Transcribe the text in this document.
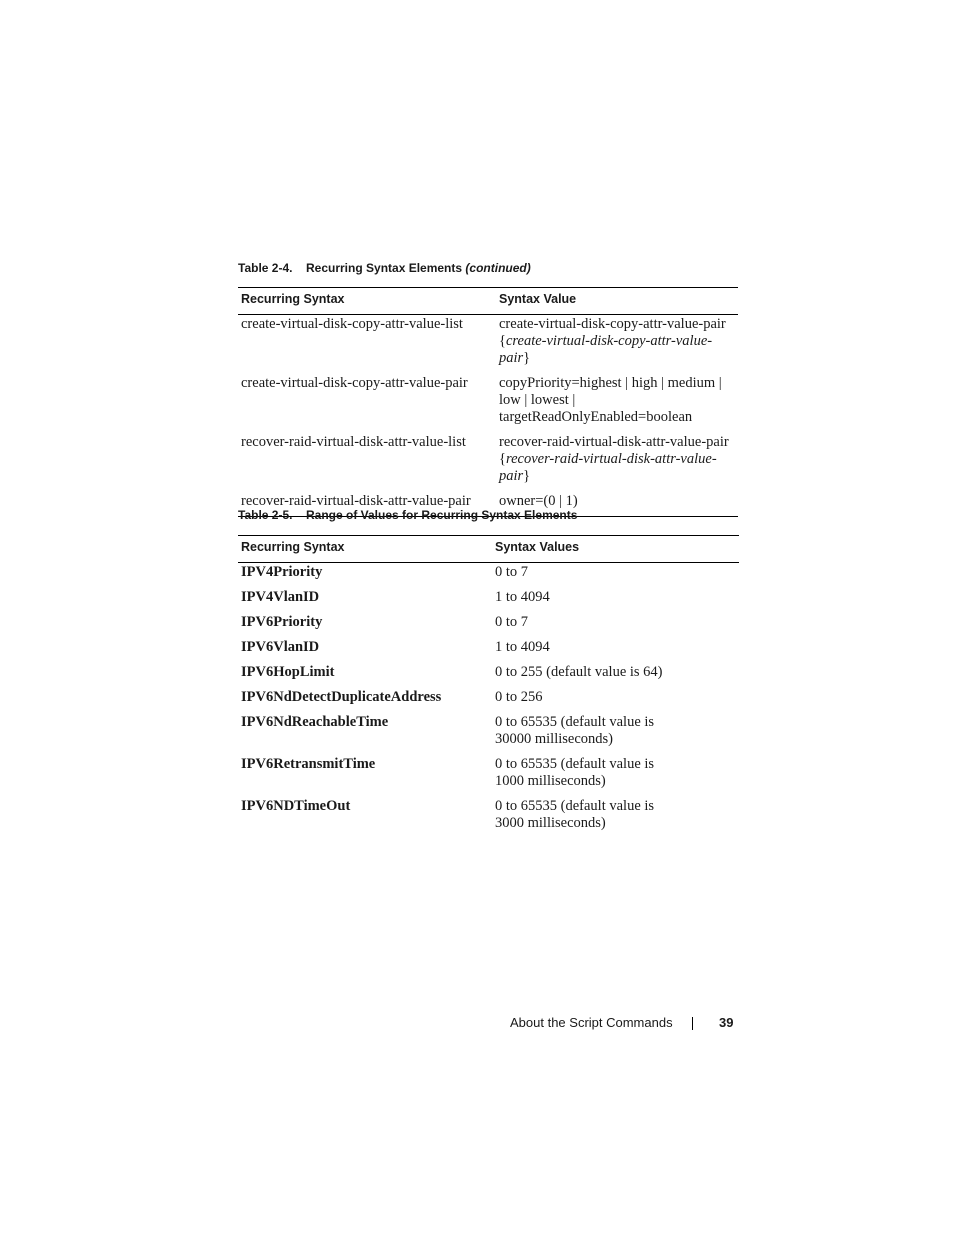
Table 2-4. Recurring Syntax Elements (continued)
Recurring Syntax	Syntax Value
create-virtual-disk-copy-attr-value-list	create-virtual-disk-copy-attr-value-pair
{create-virtual-disk-copy-attr-value-pair}

create-virtual-disk-copy-attr-value-pair	copyPriority=highest | high | medium |
low | lowest |
targetReadOnlyEnabled=boolean

recover-raid-virtual-disk-attr-value-list	recover-raid-virtual-disk-attr-value-pair
{recover-raid-virtual-disk-attr-value-pair}

recover-raid-virtual-disk-attr-value-pair	owner=(0 | 1)
Table 2-5. Range of Values for Recurring Syntax Elements
Recurring Syntax	Syntax Values
IPV4Priority	0 to 7

IPV4VlanID	1 to 4094

IPV6Priority	0 to 7

IPV6VlanID	1 to 4094

IPV6HopLimit	0 to 255 (default value is 64)

IPV6NdDetectDuplicateAddress	0 to 256

IPV6NdReachableTime	0 to 65535 (default value is
30000 milliseconds)

IPV6RetransmitTime	0 to 65535 (default value is
1000 milliseconds)

IPV6NDTimeOut	0 to 65535 (default value is
3000 milliseconds)
About the Script Commands	39
